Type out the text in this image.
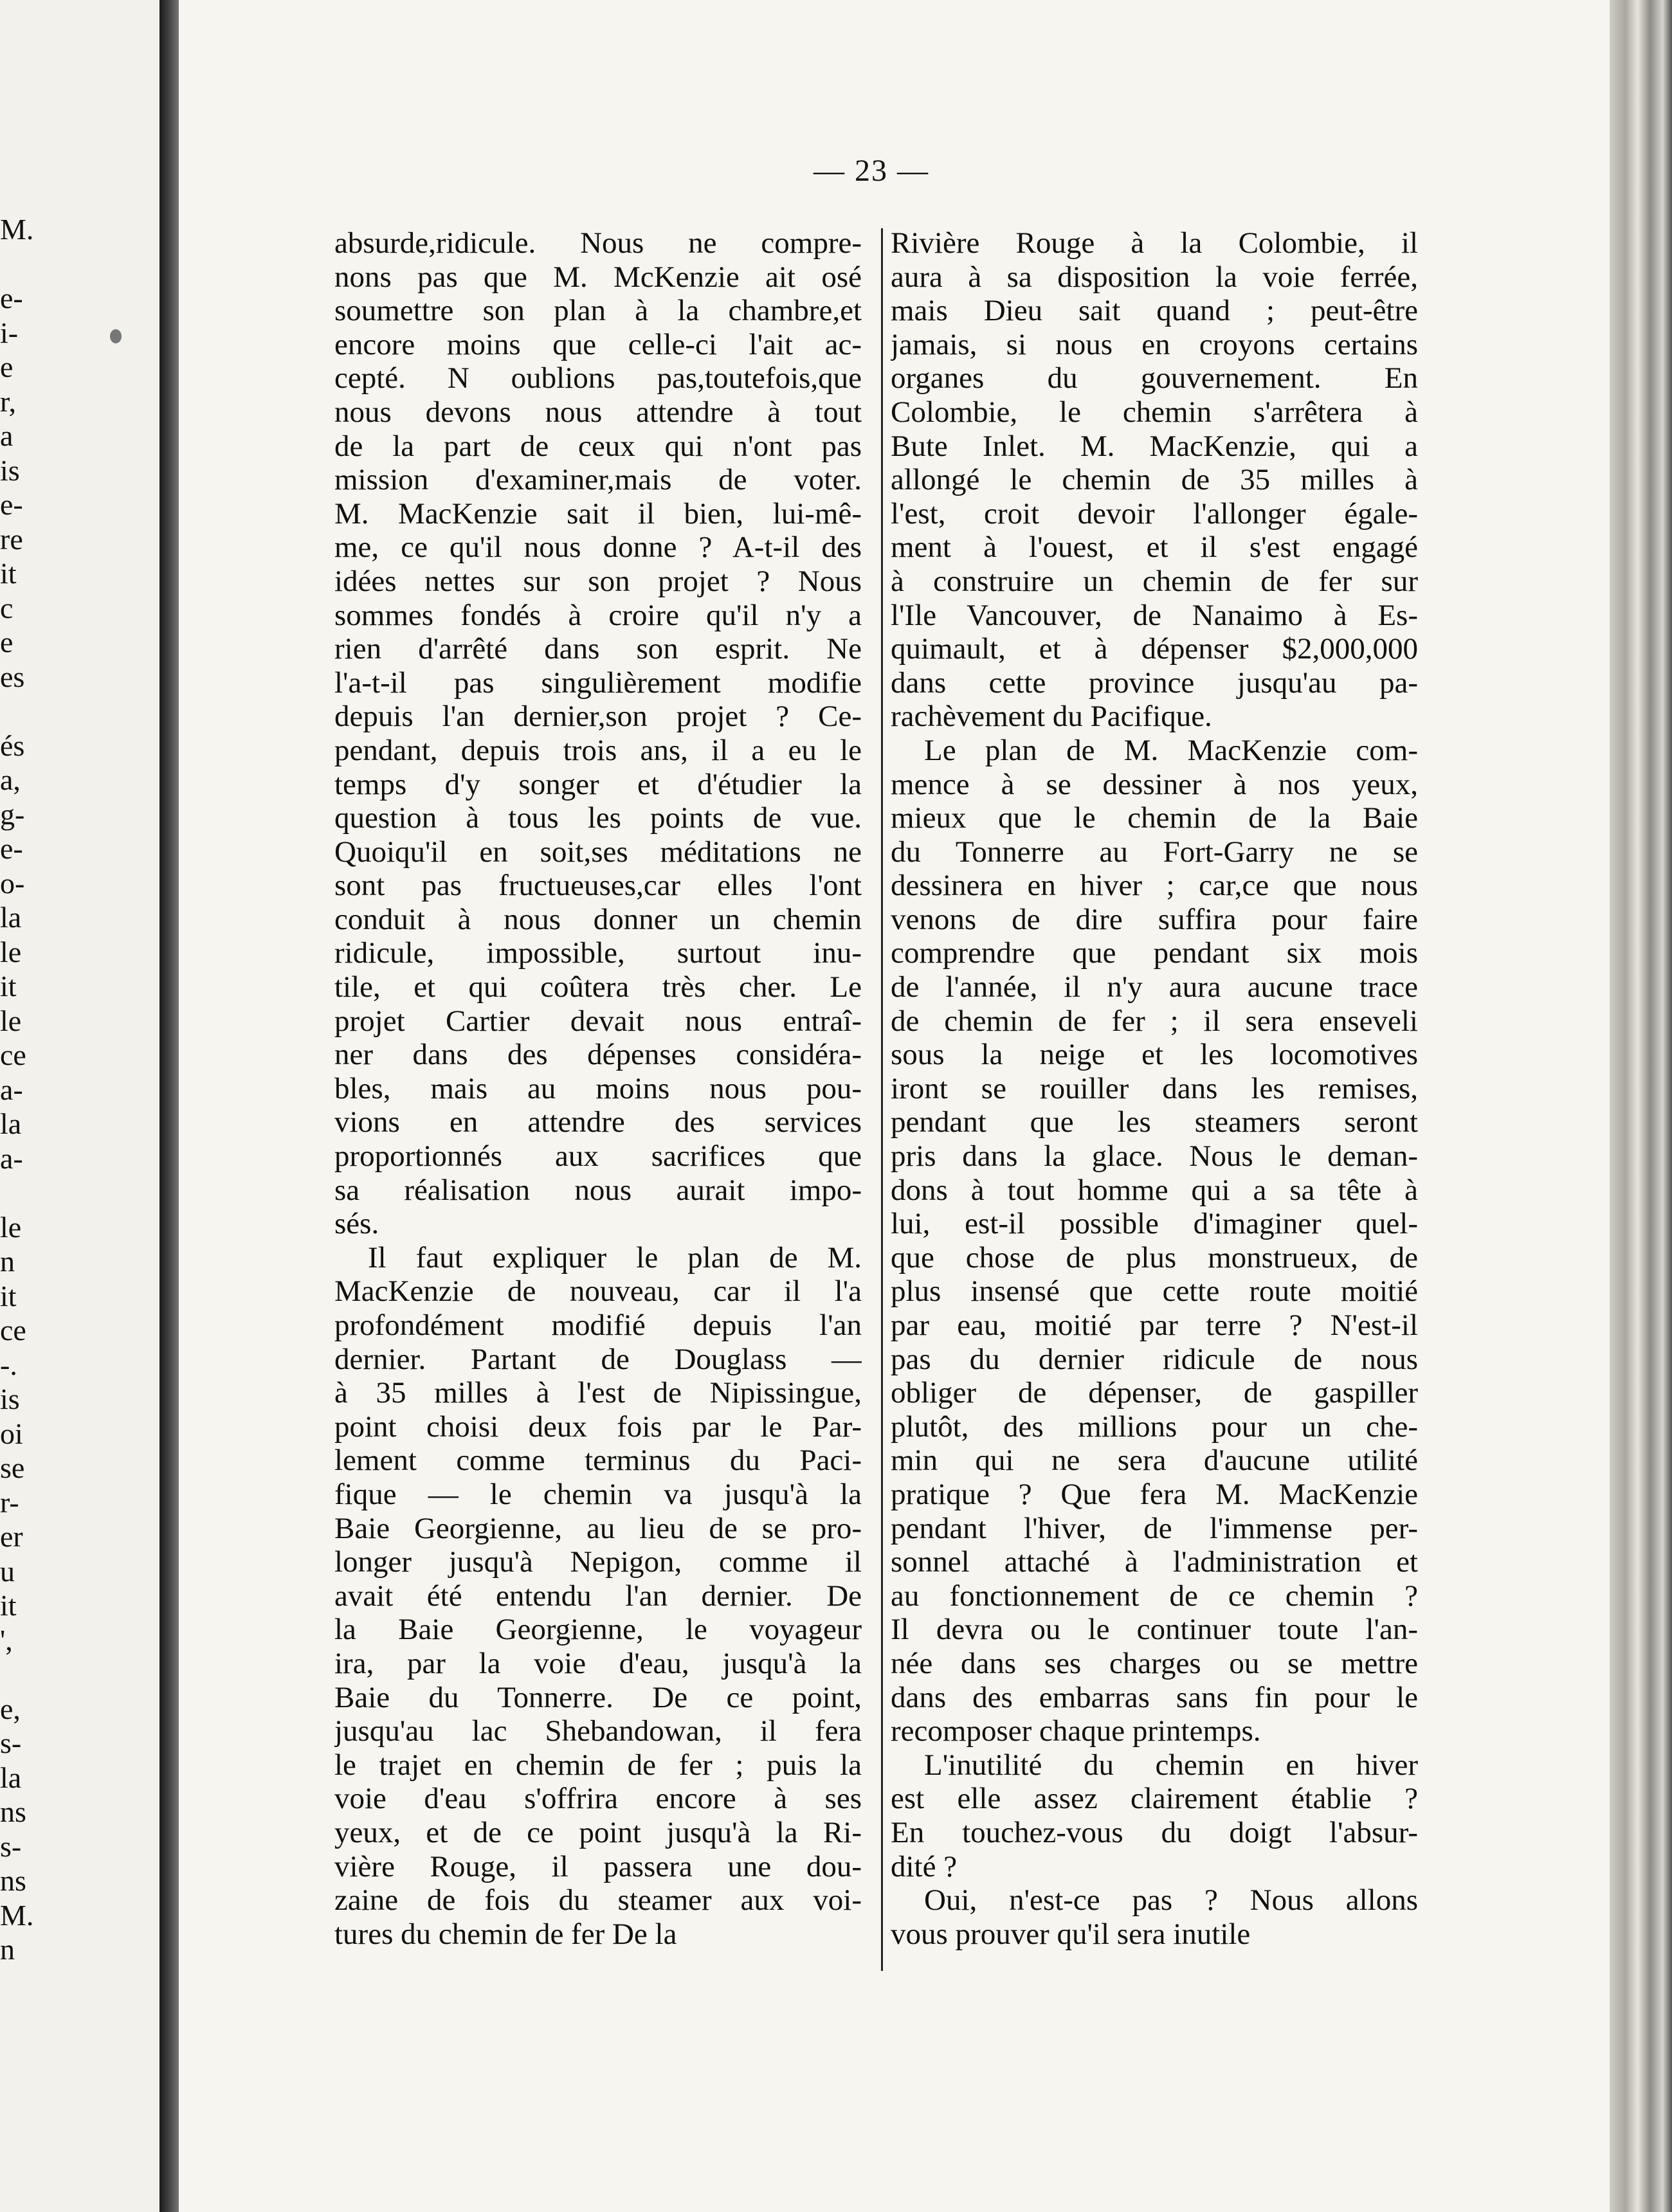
M.
e-
i-
e
r,
a
is
e-
re
it
c
e
es
és
a,
g-
e-
o-
la
le
it
le
ce
a-
la
a-
le
n
it
ce
-.
is
oi
se
r-
er
u
it
',
e,
s-
la
ns
s-
ns
M.
n
— 23 —

absurde,ridicule. Nous ne compre-
nons pas que M. McKenzie ait osé
soumettre son plan à la chambre,et
encore moins que celle-ci l'ait ac-
cepté. N oublions pas,toutefois,que
nous devons nous attendre à tout
de la part de ceux qui n'ont pas
mission d'examiner,mais de voter.
M. MacKenzie sait il bien, lui-mê-
me, ce qu'il nous donne ? A-t-il des
idées nettes sur son projet ? Nous
sommes fondés à croire qu'il n'y a
rien d'arrêté dans son esprit. Ne
l'a-t-il pas singulièrement modifie
depuis l'an dernier,son projet ? Ce-
pendant, depuis trois ans, il a eu le
temps d'y songer et d'étudier la
question à tous les points de vue.
Quoiqu'il en soit,ses méditations ne
sont pas fructueuses,car elles l'ont
conduit à nous donner un chemin
ridicule, impossible, surtout inu-
tile, et qui coûtera très cher. Le
projet Cartier devait nous entraî-
ner dans des dépenses considéra-
bles, mais au moins nous pou-
vions en attendre des services
proportionnés aux sacrifices que
sa réalisation nous aurait impo-
sés.

Il faut expliquer le plan de M.
MacKenzie de nouveau, car il l'a
profondément modifié depuis l'an
dernier. Partant de Douglass —
à 35 milles à l'est de Nipissingue,
point choisi deux fois par le Par-
lement comme terminus du Paci-
fique — le chemin va jusqu'à la
Baie Georgienne, au lieu de se pro-
longer jusqu'à Nepigon, comme il
avait été entendu l'an dernier. De
la Baie Georgienne, le voyageur
ira, par la voie d'eau, jusqu'à la
Baie du Tonnerre. De ce point,
jusqu'au lac Shebandowan, il fera
le trajet en chemin de fer ; puis la
voie d'eau s'offrira encore à ses
yeux, et de ce point jusqu'à la Ri-
vière Rouge, il passera une dou-
zaine de fois du steamer aux voi-
tures du chemin de fer De la

Rivière Rouge à la Colombie, il
aura à sa disposition la voie ferrée,
mais Dieu sait quand ; peut-être
jamais, si nous en croyons certains
organes du gouvernement. En
Colombie, le chemin s'arrêtera à
Bute Inlet. M. MacKenzie, qui a
allongé le chemin de 35 milles à
l'est, croit devoir l'allonger égale-
ment à l'ouest, et il s'est engagé
à construire un chemin de fer sur
l'Ile Vancouver, de Nanaimo à Es-
quimault, et à dépenser $2,000,000
dans cette province jusqu'au pa-
rachèvement du Pacifique.

Le plan de M. MacKenzie com-
mence à se dessiner à nos yeux,
mieux que le chemin de la Baie
du Tonnerre au Fort-Garry ne se
dessinera en hiver ; car,ce que nous
venons de dire suffira pour faire
comprendre que pendant six mois
de l'année, il n'y aura aucune trace
de chemin de fer ; il sera enseveli
sous la neige et les locomotives
iront se rouiller dans les remises,
pendant que les steamers seront
pris dans la glace. Nous le deman-
dons à tout homme qui a sa tête à
lui, est-il possible d'imaginer quel-
que chose de plus monstrueux, de
plus insensé que cette route moitié
par eau, moitié par terre ? N'est-il
pas du dernier ridicule de nous
obliger de dépenser, de gaspiller
plutôt, des millions pour un che-
min qui ne sera d'aucune utilité
pratique ? Que fera M. MacKenzie
pendant l'hiver, de l'immense per-
sonnel attaché à l'administration et
au fonctionnement de ce chemin ?
Il devra ou le continuer toute l'an-
née dans ses charges ou se mettre
dans des embarras sans fin pour le
recomposer chaque printemps.

L'inutilité du chemin en hiver
est elle assez clairement établie ?
En touchez-vous du doigt l'absur-
dité ?

Oui, n'est-ce pas ? Nous allons
vous prouver qu'il sera inutile
